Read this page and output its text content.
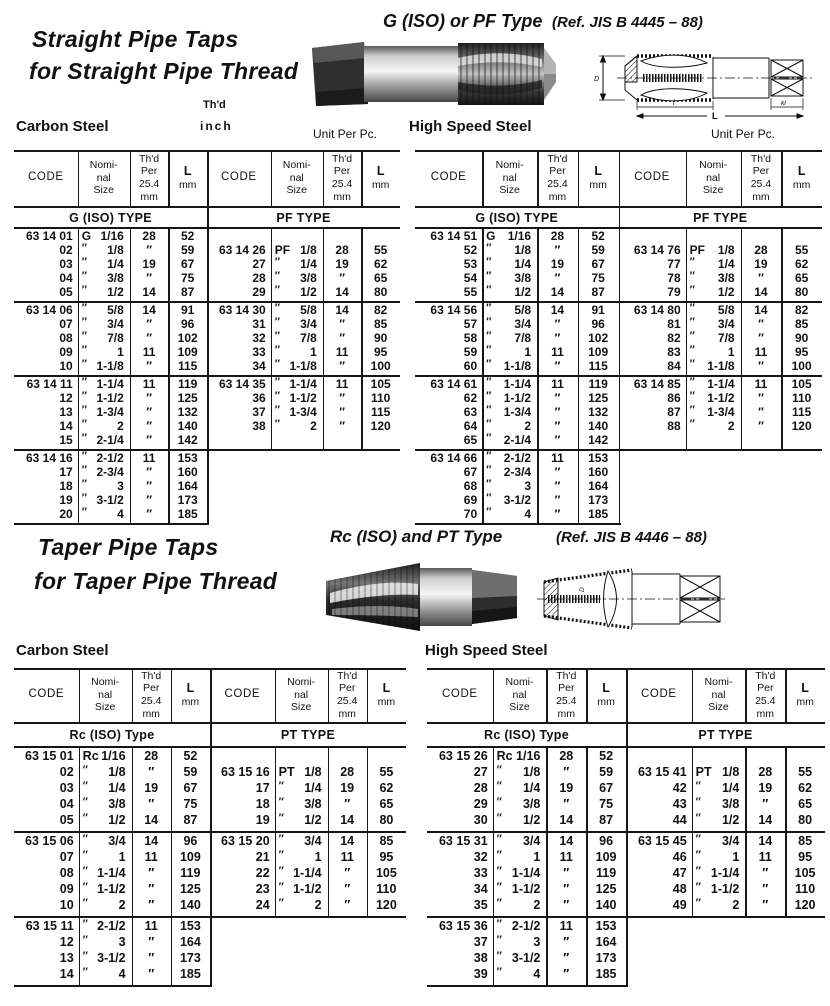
Straight Pipe Taps
for Straight Pipe Thread
G (ISO) or PF Type (Ref. JIS B 4445 – 88)
D
l	kl
L
Carbon Steel
Th'd
inch
Unit Per Pc. High Speed Steel	Unit Per Pc.
CODE
Nomi-
nal
Size
Th'd
Per
25.4
mm
L
mm
CODE
Nomi-
nal
Size
Th'd
Per
25.4
mm
L
mm
G (ISO) TYPE	PF TYPE
63 14 01 G 1/16	28	52
02 ″ 1/8	″	59
03 ″ 1/4	19	67
04 ″ 3/8	″	75
05 ″ 1/2	14	87
63 14 06 ″ 5/8	14	91
07 ″ 3/4	″	96
08 ″ 7/8	″	102
09 ″	1	11	109
10 ″ 1-1/8	″	115
63 14 11 ″ 1-1/4	11	119
12 ″ 1-1/2	″	125
13 ″ 1-3/4	″	132
14 ″	2	″	140
15 ″ 2-1/4	″	142
63 14 16 ″ 2-1/2	11	153
17 ″ 2-3/4	″	160
18 ″	3	″	164
19 ″ 3-1/2	″	173
20 ″	4	″	185
63 14 26 PF 1/8	28	55
27 ″ 1/4	19	62
28 ″ 3/8	″	65
29 ″ 1/2	14	80
63 14 30 ″ 5/8	14	82
31 ″ 3/4	″	85
32 ″ 7/8	″	90
33 ″	1	11	95
34 ″ 1-1/8	″	100
63 14 35 ″ 1-1/4	11	105
36 ″ 1-1/2	″	110
37 ″ 1-3/4	″	115
38 ″	2	″	120
CODE
Nomi-
nal
Size
Th'd
Per
25.4
mm
L
mm
CODE
Nomi-
nal
Size
Th'd
Per
25.4
mm
L
mm
G (ISO) TYPE	PF TYPE
63 14 51 G 1/16	28	52
52 ″ 1/8	″	59
53 ″ 1/4	19	67
54 ″ 3/8	″	75
55 ″ 1/2	14	87
63 14 56 ″ 5/8	14	91
57 ″ 3/4	″	96
58 ″ 7/8	″	102
59 ″	1	11	109
60 ″ 1-1/8	″	115
63 14 61 ″ 1-1/4	11	119
62 ″ 1-1/2	″	125
63 ″ 1-3/4	″	132
64 ″	2	″	140
65 ″ 2-1/4	″	142
63 14 66 ″ 2-1/2	11	153
67 ″ 2-3/4	″	160
68 ″	3	″	164
69 ″ 3-1/2	″	173
70 ″	4	″	185
63 14 76 PF 1/8	28	55
77 ″ 1/4	19	62
78 ″ 3/8	″	65
79 ″ 1/2	14	80
63 14 80 ″ 5/8	14	82
81 ″ 3/4	″	85
82 ″ 7/8	″	90
83 ″	1	11	95
84 ″ 1-1/8	″	100
63 14 85 ″ 1-1/4	11	105
86 ″ 1-1/2	″	110
87 ″ 1-3/4	″	115
88 ″	2	″	120
Taper Pipe Taps
for Taper Pipe Thread
Rc (ISO) and PT Type	(Ref. JIS B 4446 – 88)
D
Carbon Steel	High Speed Steel
CODE
Nomi-
nal
Size
Th'd
Per
25.4
mm
L
mm
CODE
Nomi-
nal
Size
Th'd
Per
25.4
mm
L
mm
Rc (ISO) Type	PT TYPE
63 15 01 Rc 1/16	28	52
02 ″ 1/8	″	59
03 ″ 1/4	19	67
04 ″ 3/8	″	75
05 ″ 1/2	14	87
63 15 06 ″ 3/4	14	96
07 ″ 1	11	109
08 ″ 1-1/4	″	119
09 ″ 1-1/2	″	125
10 ″ 2	″	140
63 15 11 ″ 2-1/2	11	153
12 ″ 3	″	164
13 ″ 3-1/2	″	173
14 ″ 4	″	185
63 15 16 PT 1/8	28	55
17 ″ 1/4	19	62
18 ″ 3/8	″	65
19 ″ 1/2	14	80
63 15 20 ″ 3/4	14	85
21 ″ 1	11	95
22 ″ 1-1/4	″	105
23 ″ 1-1/2	″	110
24 ″ 2	″	120
CODE
Nomi-
nal
Size
Th'd
Per
25.4
mm
L
mm
CODE
Nomi-
nal
Size
Th'd
Per
25.4
mm
L
mm
Rc (ISO) Type	PT TYPE
63 15 26 Rc 1/16	28	52
27 ″ 1/8	″	59
28 ″ 1/4	19	67
29 ″ 3/8	″	75
30 ″ 1/2	14	87
63 15 31 ″ 3/4	14	96
32 ″	1	11	109
33 ″ 1-1/4	″	119
34 ″ 1-1/2	″	125
35 ″	2	″	140
63 15 36 ″ 2-1/2	11	153
37 ″	3	″	164
38 ″ 3-1/2	″	173
39 ″	4	″	185
63 15 41 PT 1/8	28	55
42 ″ 1/4	19	62
43 ″ 3/8	″	65
44 ″ 1/2	14	80
63 15 45 ″ 3/4	14	85
46 ″	1	11	95
47 ″ 1-1/4	″	105
48 ″ 1-1/2	″	110
49 ″	2	″	120
